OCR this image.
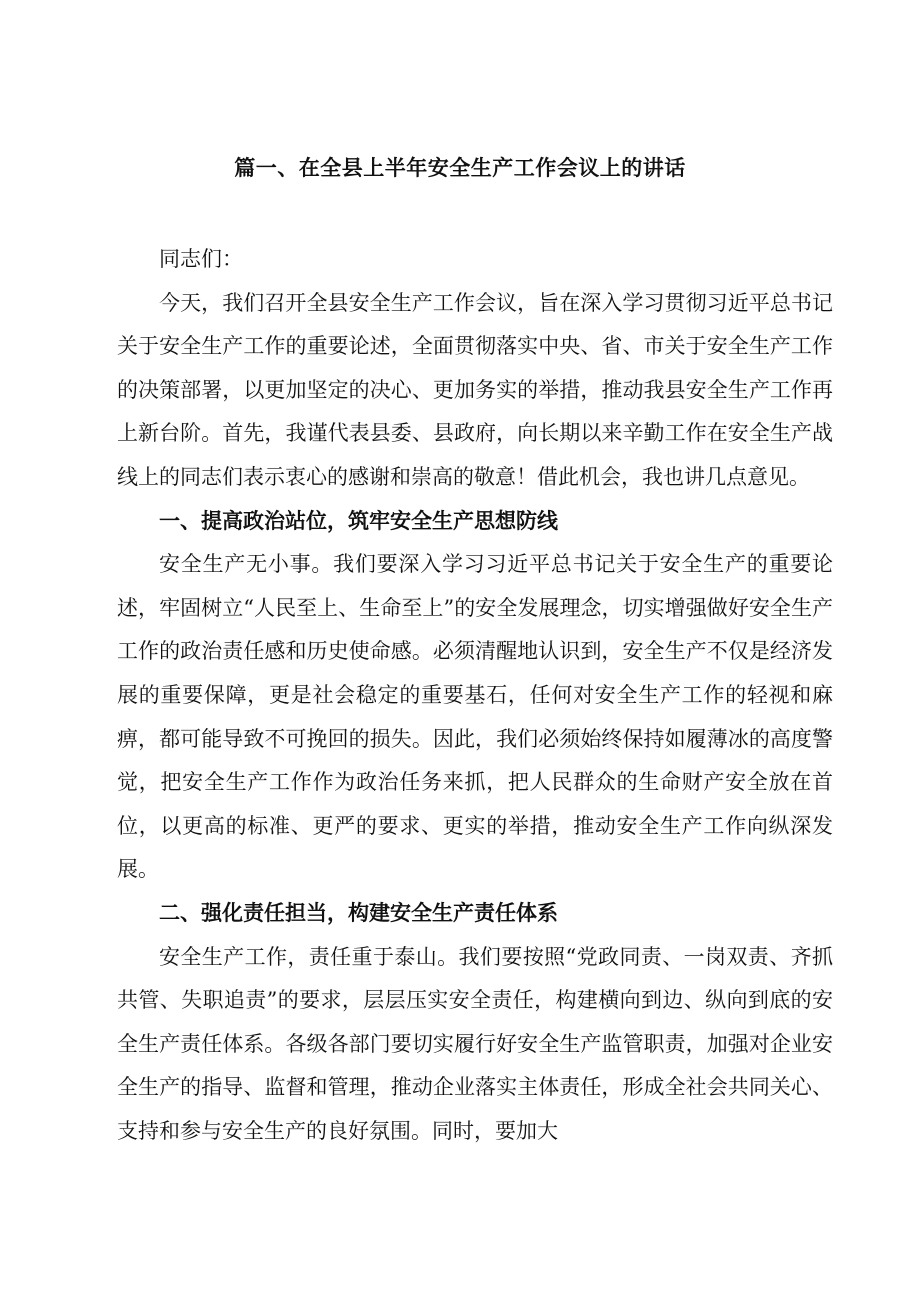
篇一、在全县上半年安全生产工作会议上的讲话

同志们：

今天，我们召开全县安全生产工作会议，旨在深入学习贯彻习近平总书记关于安全生产工作的重要论述，全面贯彻落实中央、省、市关于安全生产工作的决策部署，以更加坚定的决心、更加务实的举措，推动我县安全生产工作再上新台阶。首先，我谨代表县委、县政府，向长期以来辛勤工作在安全生产战线上的同志们表示衷心的感谢和崇高的敬意！借此机会，我也讲几点意见。

一、提高政治站位，筑牢安全生产思想防线

安全生产无小事。我们要深入学习习近平总书记关于安全生产的重要论述，牢固树立“人民至上、生命至上”的安全发展理念，切实增强做好安全生产工作的政治责任感和历史使命感。必须清醒地认识到，安全生产不仅是经济发展的重要保障，更是社会稳定的重要基石，任何对安全生产工作的轻视和麻痹，都可能导致不可挽回的损失。因此，我们必须始终保持如履薄冰的高度警觉，把安全生产工作作为政治任务来抓，把人民群众的生命财产安全放在首位，以更高的标准、更严的要求、更实的举措，推动安全生产工作向纵深发展。

二、强化责任担当，构建安全生产责任体系

安全生产工作，责任重于泰山。我们要按照“党政同责、一岗双责、齐抓共管、失职追责”的要求，层层压实安全责任，构建横向到边、纵向到底的安全生产责任体系。各级各部门要切实履行好安全生产监管职责，加强对企业安全生产的指导、监督和管理，推动企业落实主体责任，形成全社会共同关心、支持和参与安全生产的良好氛围。同时，要加大
